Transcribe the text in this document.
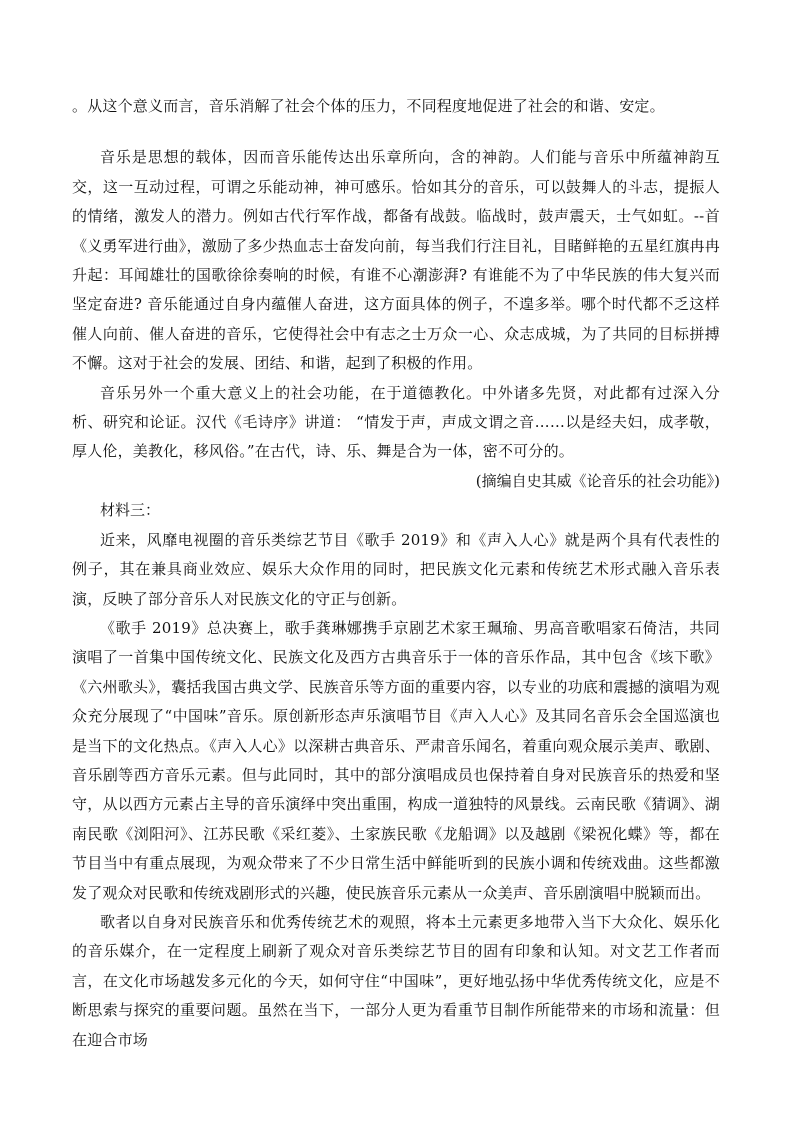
。从这个意义而言，音乐消解了社会个体的压力，不同程度地促进了社会的和谐、安定。

音乐是思想的载体，因而音乐能传达出乐章所向，含的神韵。人们能与音乐中所蕴神韵互交，这一互动过程，可谓之乐能动神，神可感乐。恰如其分的音乐，可以鼓舞人的斗志，提振人的情绪，激发人的潜力。例如古代行军作战，都备有战鼓。临战时，鼓声震天，士气如虹。--首《义勇军进行曲》，激励了多少热血志士奋发向前，每当我们行注目礼，目睹鲜艳的五星红旗冉冉升起：耳闻雄壮的国歌徐徐奏响的时候，有谁不心潮澎湃? 有谁能不为了中华民族的伟大复兴而坚定奋进? 音乐能通过自身内蕴催人奋进，这方面具体的例子，不遑多举。哪个时代都不乏这样催人向前、催人奋进的音乐，它使得社会中有志之士万众一心、众志成城，为了共同的目标拼搏不懈。这对于社会的发展、团结、和谐，起到了积极的作用。

音乐另外一个重大意义上的社会功能，在于道德教化。中外诸多先贤，对此都有过深入分析、研究和论证。汉代《毛诗序》讲道： “情发于声，声成文谓之音……以是经夫妇，成孝敬，厚人伦，美教化，移风俗。”在古代，诗、乐、舞是合为一体，密不可分的。

(摘编自史其威《论音乐的社会功能》)

材料三：

近来，风靡电视圈的音乐类综艺节目《歌手 2019》和《声入人心》就是两个具有代表性的例子，其在兼具商业效应、娱乐大众作用的同时，把民族文化元素和传统艺术形式融入音乐表演，反映了部分音乐人对民族文化的守正与创新。

《歌手 2019》总决赛上，歌手龚琳娜携手京剧艺术家王珮瑜、男高音歌唱家石倚洁，共同演唱了一首集中国传统文化、民族文化及西方古典音乐于一体的音乐作品，其中包含《垓下歌》《六州歌头》，囊括我国古典文学、民族音乐等方面的重要内容，以专业的功底和震撼的演唱为观众充分展现了“中国味”音乐。原创新形态声乐演唱节目《声入人心》及其同名音乐会全国巡演也是当下的文化热点。《声入人心》以深耕古典音乐、严肃音乐闻名，着重向观众展示美声、歌剧、音乐剧等西方音乐元素。但与此同时，其中的部分演唱成员也保持着自身对民族音乐的热爱和坚守，从以西方元素占主导的音乐演绎中突出重围，构成一道独特的风景线。云南民歌《猜调》、湖南民歌《浏阳河》、江苏民歌《采红菱》、土家族民歌《龙船调》以及越剧《梁祝化蝶》等，都在节目当中有重点展现，为观众带来了不少日常生活中鲜能听到的民族小调和传统戏曲。这些都激发了观众对民歌和传统戏剧形式的兴趣，使民族音乐元素从一众美声、音乐剧演唱中脱颖而出。

歌者以自身对民族音乐和优秀传统艺术的观照，将本土元素更多地带入当下大众化、娱乐化的音乐媒介，在一定程度上刷新了观众对音乐类综艺节目的固有印象和认知。对文艺工作者而言，在文化市场越发多元化的今天，如何守住“中国味”，更好地弘扬中华优秀传统文化，应是不断思索与探究的重要问题。虽然在当下，一部分人更为看重节目制作所能带来的市场和流量：但在迎合市场
